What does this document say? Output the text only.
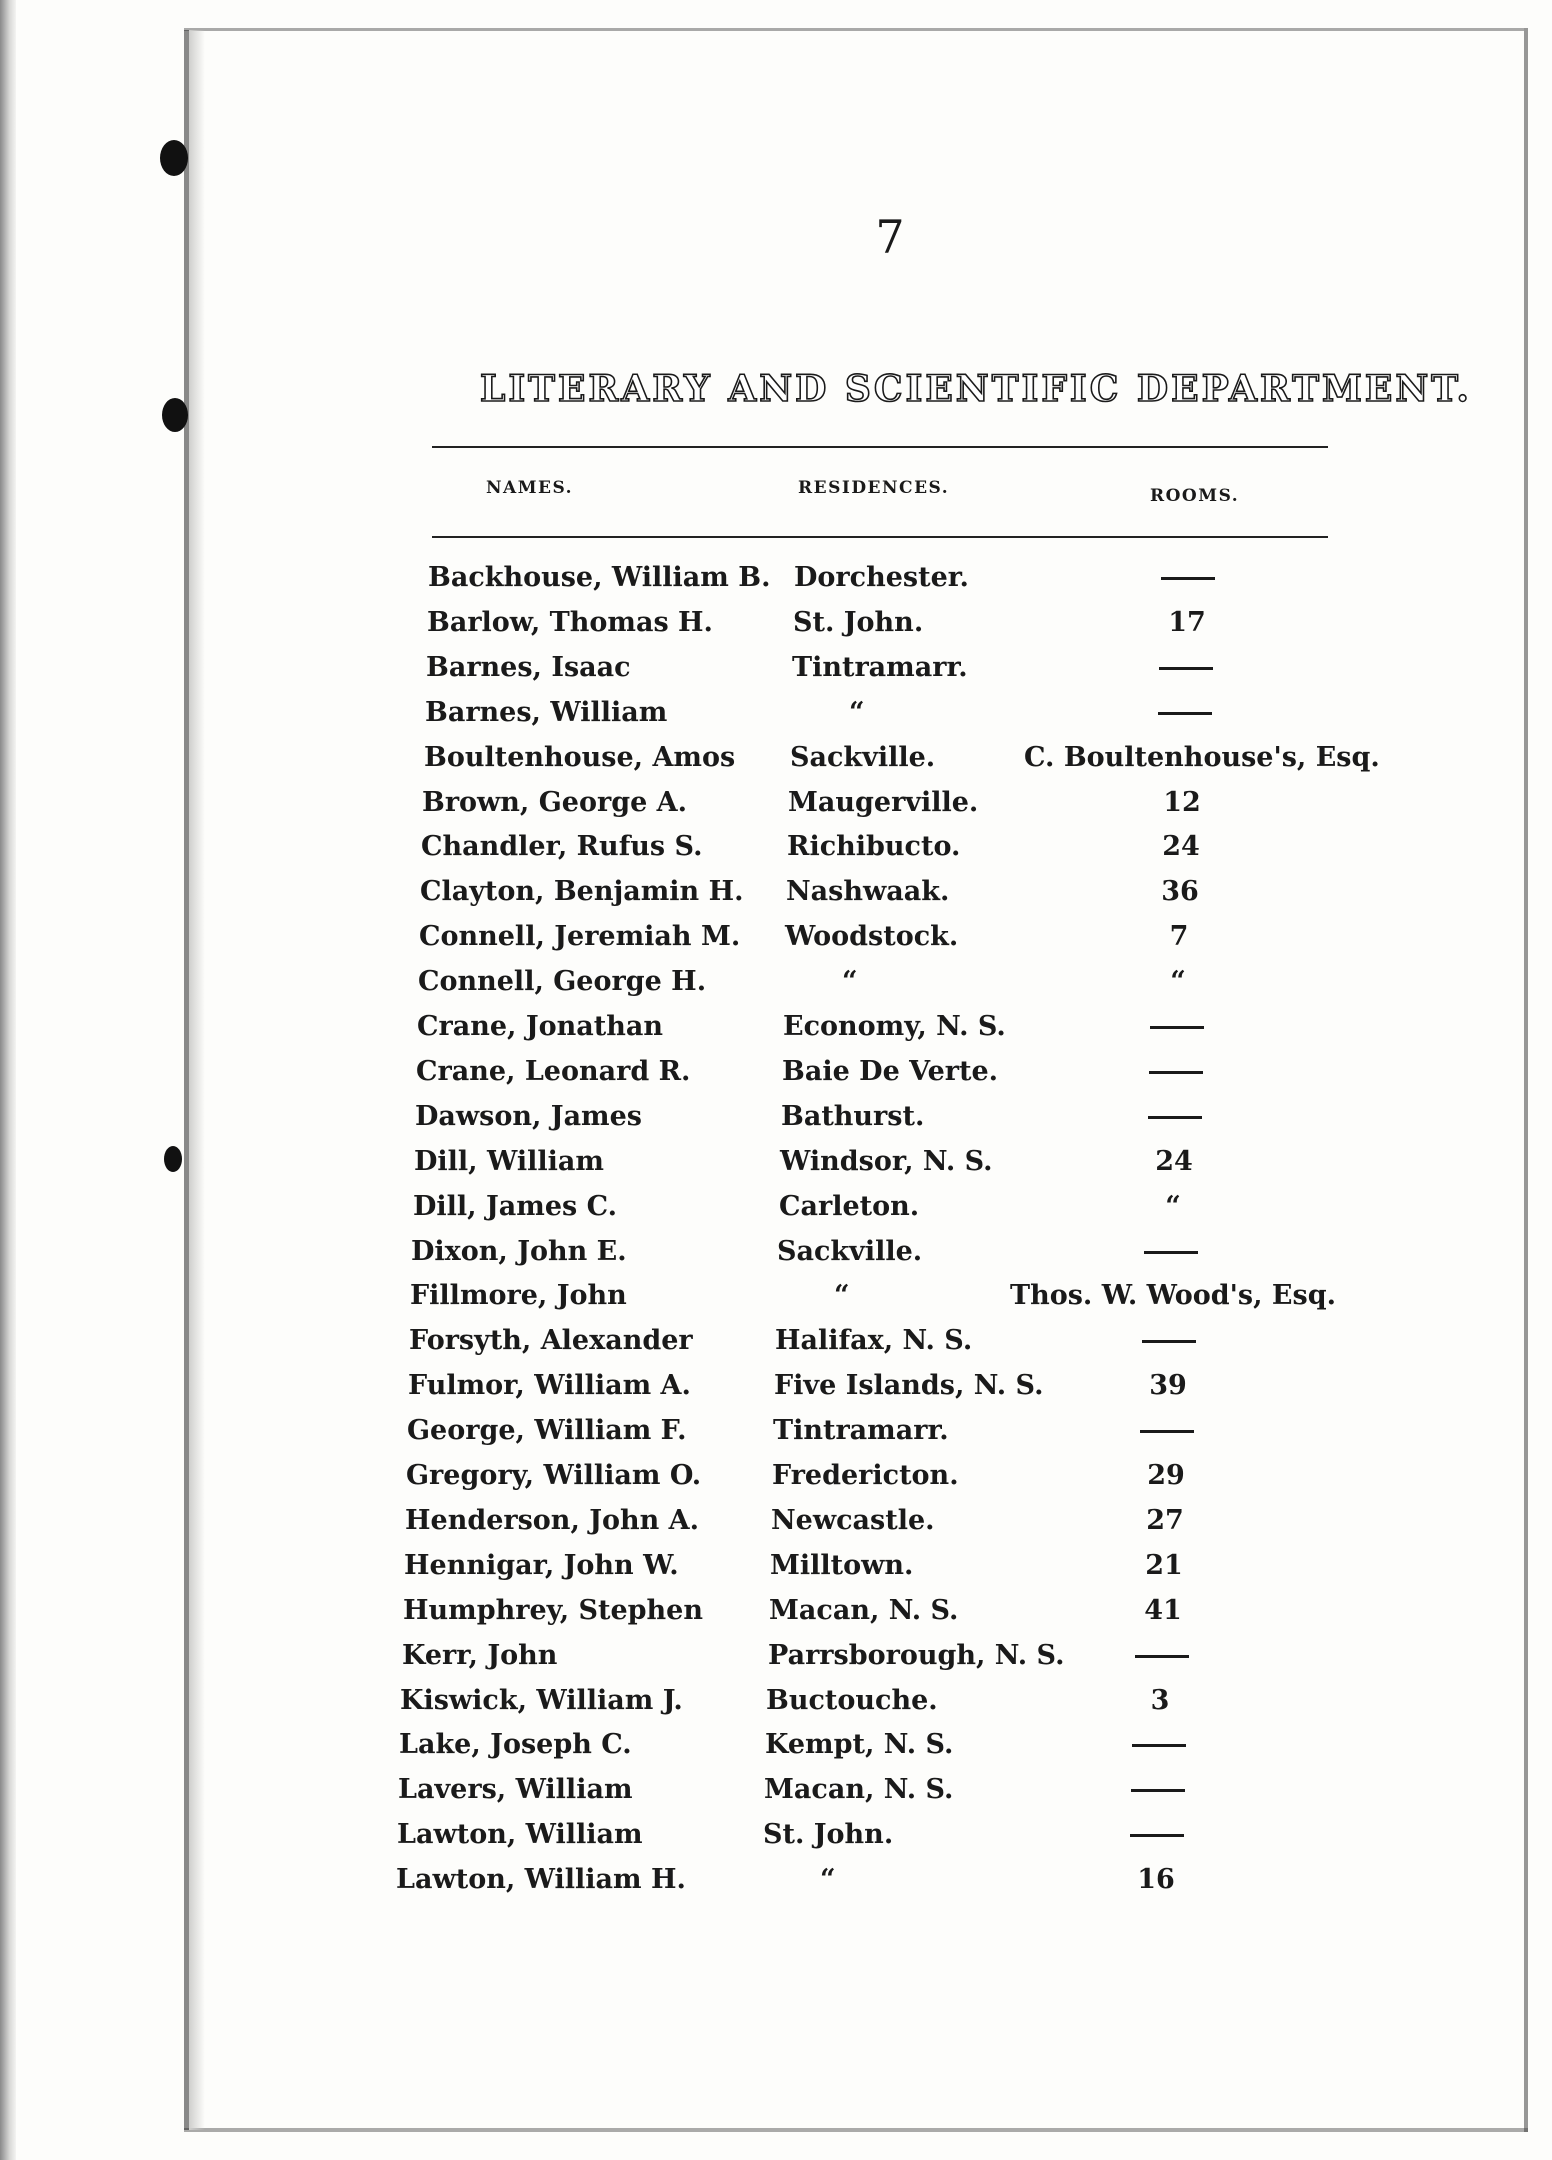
7
LITERARY AND SCIENTIFIC DEPARTMENT.
NAMES.	RESIDENCES.	ROOMS.
Backhouse, William B. Dorchester.
Barlow, Thomas H.	St. John.	17
Barnes, Isaac	Tintramarr.
Barnes, William	“
Boultenhouse, Amos Sackville.	C. Boultenhouse's, Esq.
Brown, George A.	Maugerville.	12
Chandler, Rufus S.	Richibucto.	24
Clayton, Benjamin H. Nashwaak.	36
Connell, Jeremiah M. Woodstock.	7
Connell, George H.	“	“
Crane, Jonathan	Economy, N. S.
Crane, Leonard R.	Baie De Verte.
Dawson, James	Bathurst.
Dill, William	Windsor, N. S.	24
Dill, James C.	Carleton.	“
Dixon, John E.	Sackville.
Fillmore, John	“	Thos. W. Wood's, Esq.
Forsyth, Alexander	Halifax, N. S.
Fulmor, William A.	Five Islands, N. S.	39
George, William F.	Tintramarr.
Gregory, William O.	Fredericton.	29
Henderson, John A.	Newcastle.	27
Hennigar, John W.	Milltown.	21
Humphrey, Stephen Macan, N. S.	41
Kerr, John	Parrsborough, N. S.
Kiswick, William J.	Buctouche.	3
Lake, Joseph C.	Kempt, N. S.
Lavers, William	Macan, N. S.
Lawton, William	St. John.
Lawton, William H.	“	16
